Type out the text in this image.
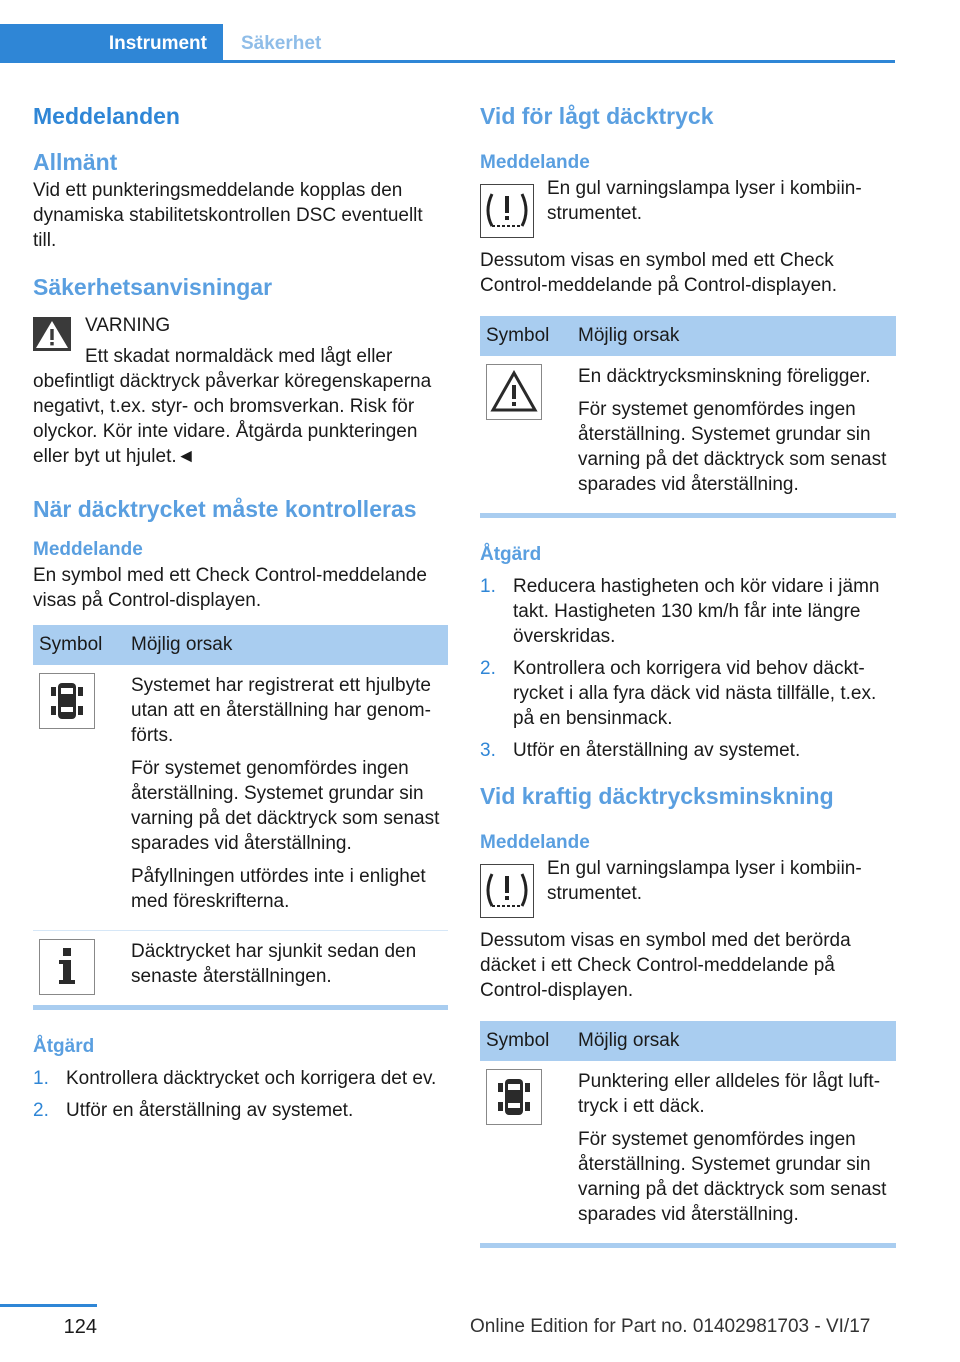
Instrument	Säkerhet
Meddelanden
Allmänt

Vid ett punkteringsmeddelande kopplas den dynamiska stabilitetskontrollen DSC eventuellt till.

Säkerhetsanvisningar

VARNING

Ett skadat normaldäck med lågt eller obefintligt däcktryck påverkar köregenskaperna negativt, t.ex. styr- och bromsverkan. Risk för olyckor. Kör inte vidare. Åtgärda punkteringen eller byt ut hjulet.◄

När däcktrycket måste kontrolleras
Meddelande

En symbol med ett Check Control-meddelande visas på Control-displayen.

Symbol	Möjlig orsak

Systemet har registrerat ett hjulbyte utan att en återställning har genomförts.

För systemet genomfördes ingen återställning. Systemet grundar sin varning på det däcktryck som senast sparades vid återställning.

Påfyllningen utfördes inte i enlighet med föreskrifterna.

Däcktrycket har sjunkit sedan den senaste återställningen.

Åtgärd
1. Kontrollera däcktrycket och korrigera det ev.
2. Utför en återställning av systemet.
Vid för lågt däcktryck
Meddelande

En gul varningslampa lyser i kombiinstrumentet.

Dessutom visas en symbol med ett Check Control-meddelande på Control-displayen.

Symbol	Möjlig orsak

En däcktrycksminskning föreligger.

För systemet genomfördes ingen återställning. Systemet grundar sin varning på det däcktryck som senast sparades vid återställning.

Åtgärd
1. Reducera hastigheten och kör vidare i jämn takt. Hastigheten 130 km/h får inte längre överskridas.
2. Kontrollera och korrigera vid behov däcktrycket i alla fyra däck vid nästa tillfälle, t.ex. på en bensinmack.
3. Utför en återställning av systemet.
Vid kraftig däcktrycksminskning
Meddelande

En gul varningslampa lyser i kombiinstrumentet.

Dessutom visas en symbol med det berörda däcket i ett Check Control-meddelande på Control-displayen.

Symbol	Möjlig orsak

Punktering eller alldeles för lågt lufttryck i ett däck.

För systemet genomfördes ingen återställning. Systemet grundar sin varning på det däcktryck som senast sparades vid återställning.

124	Online Edition for Part no. 01402981703 - VI/17
